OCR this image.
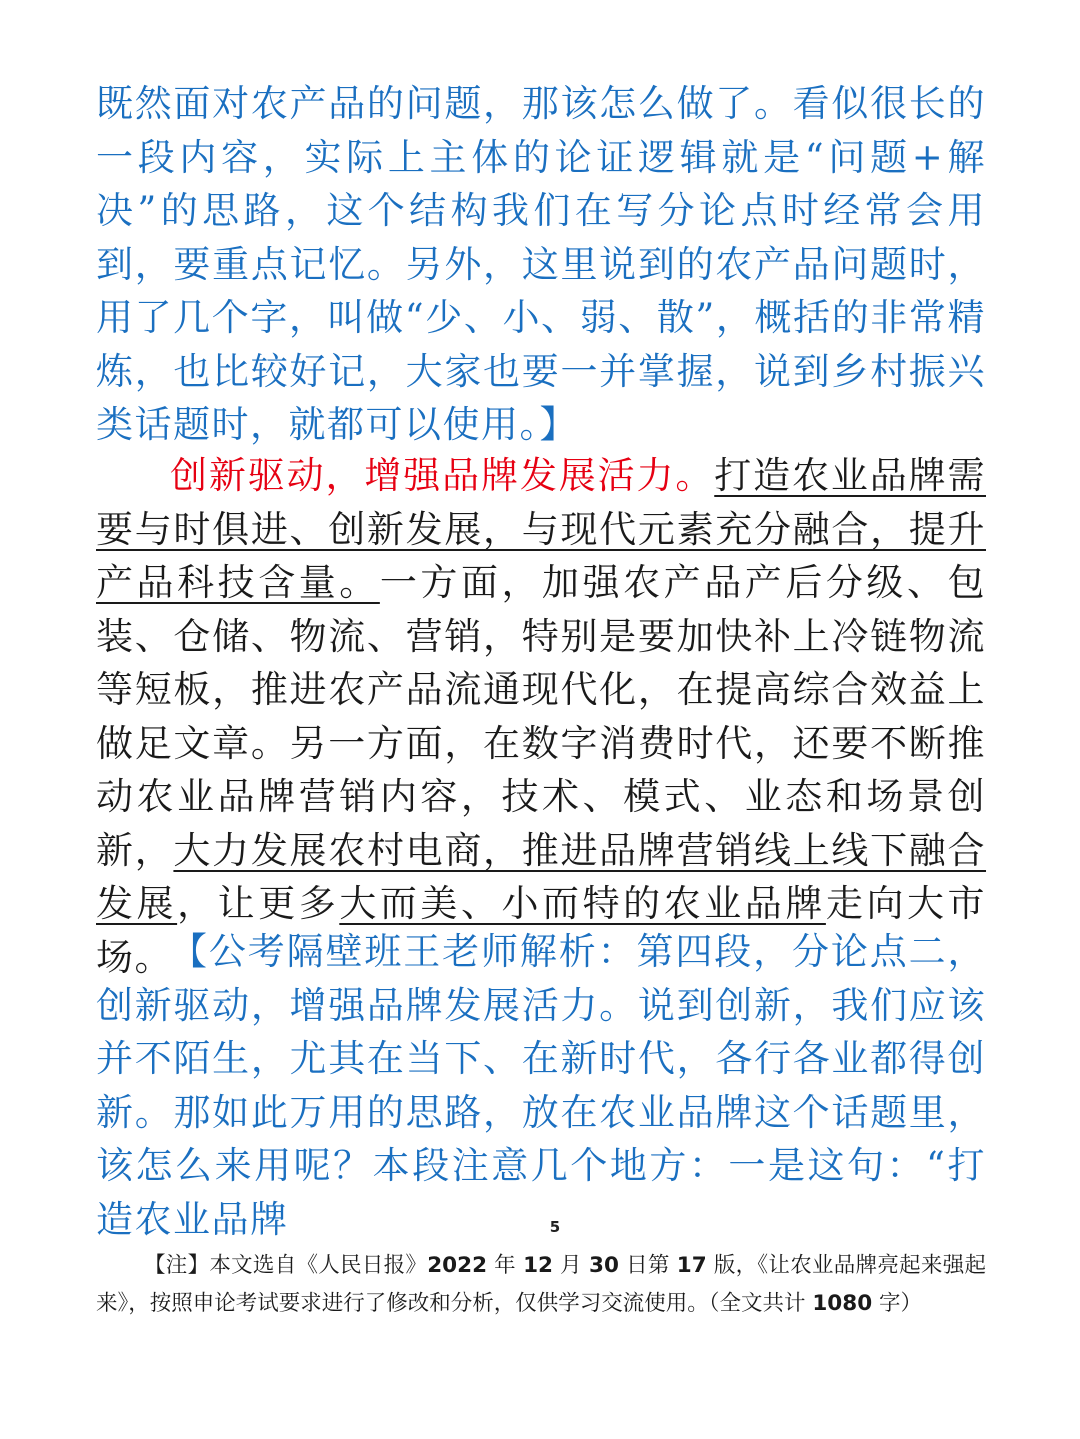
既然面对农产品的问题，那该怎么做了。看似很长的一段内容，实际上主体的论证逻辑就是“问题+解决”的思路，这个结构我们在写分论点时经常会用到，要重点记忆。另外，这里说到的农产品问题时，用了几个字，叫做“少、小、弱、散”，概括的非常精炼，也比较好记，大家也要一并掌握，说到乡村振兴类话题时，就都可以使用。】

创新驱动，增强品牌发展活力。打造农业品牌需要与时俱进、创新发展，与现代元素充分融合，提升产品科技含量。一方面，加强农产品产后分级、包装、仓储、物流、营销，特别是要加快补上冷链物流等短板，推进农产品流通现代化，在提高综合效益上做足文章。另一方面，在数字消费时代，还要不断推动农业品牌营销内容，技术、模式、业态和场景创新，大力发展农村电商，推进品牌营销线上线下融合发展，让更多大而美、小而特的农业品牌走向大市场。

【公考隔壁班王老师解析：第四段，分论点二，创新驱动，增强品牌发展活力。说到创新，我们应该并不陌生，尤其在当下、在新时代，各行各业都得创新。那如此万用的思路，放在农业品牌这个话题里，该怎么来用呢？本段注意几个地方：一是这句：“打造农业品牌	5

【注】本文选自《人民日报》2022 年 12 月 30 日第 17 版，《让农业品牌亮起来强起来》，按照申论考试要求进行了修改和分析，仅供学习交流使用。（全文共计 1080 字）
